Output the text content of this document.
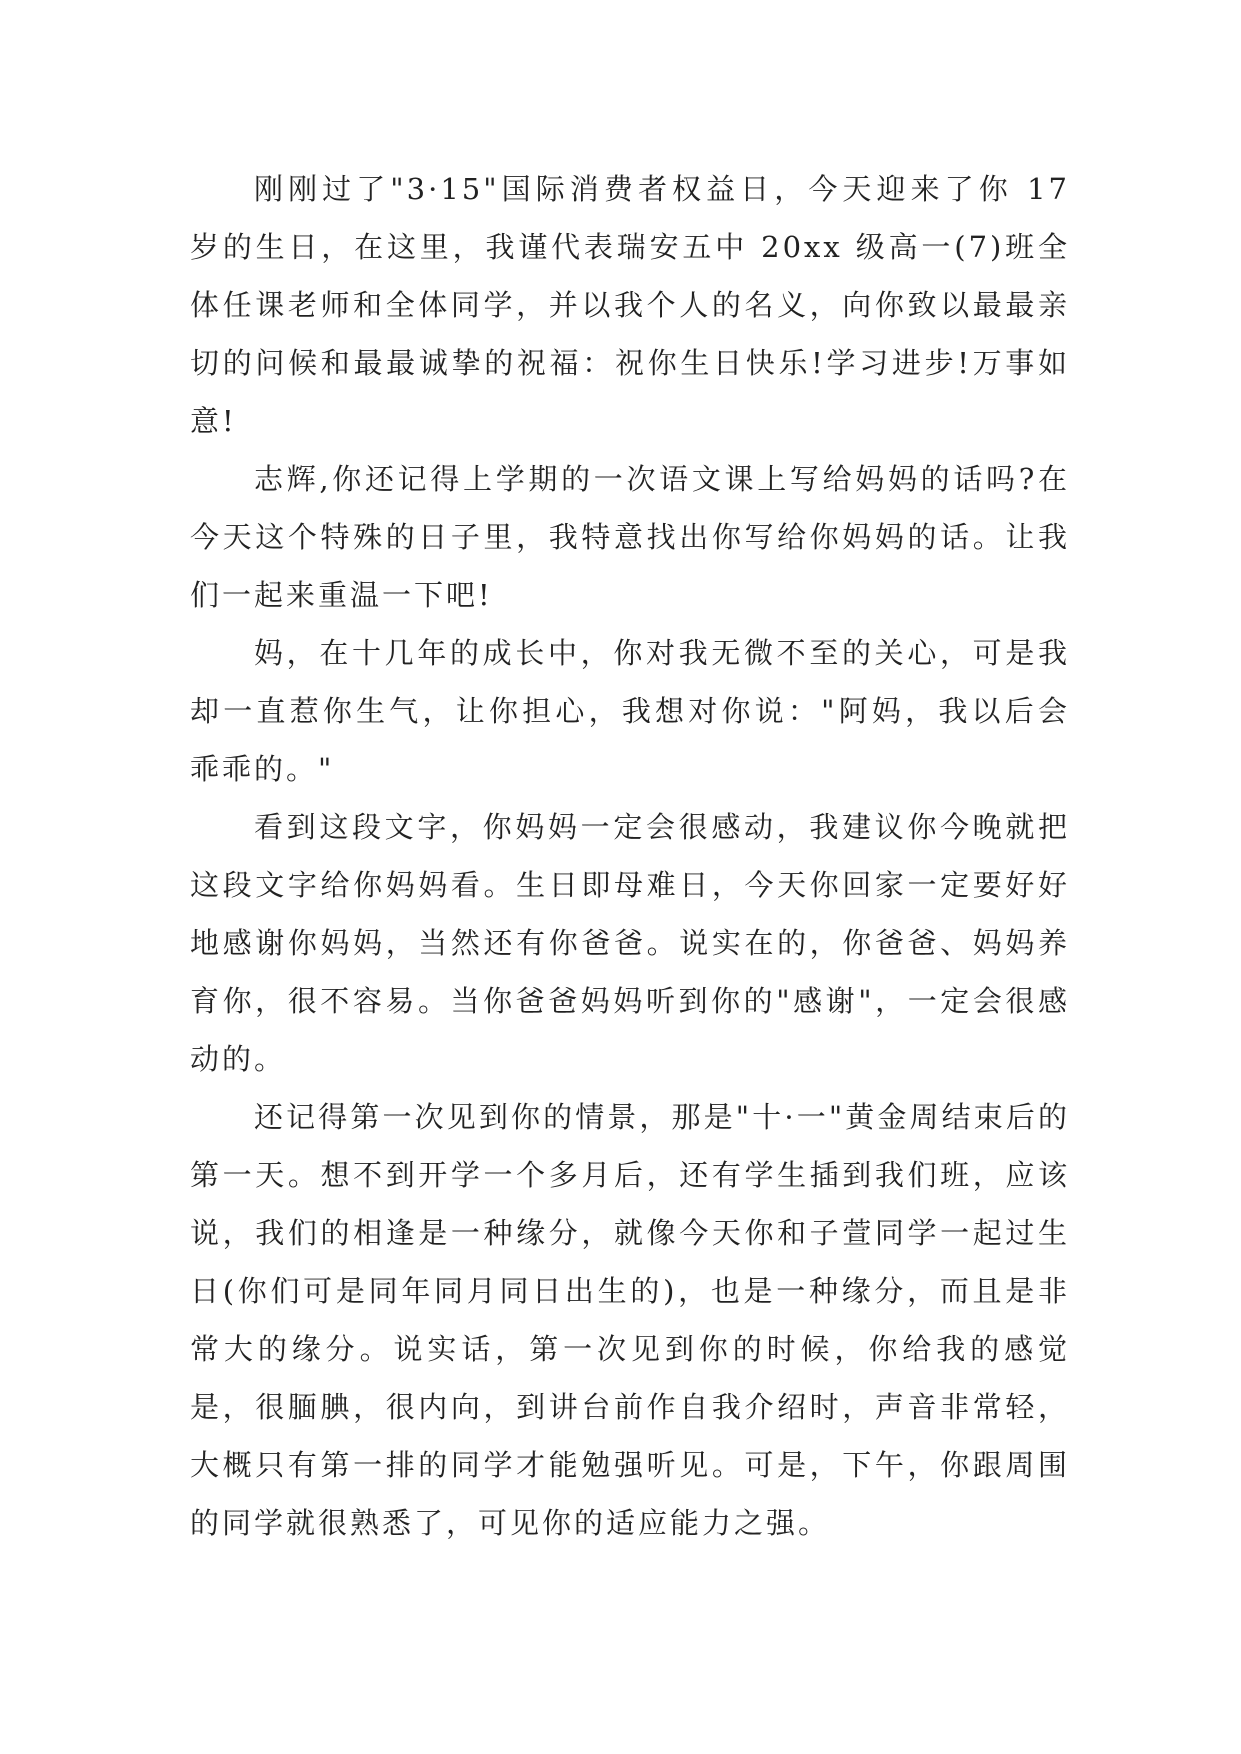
刚刚过了"3·15"国际消费者权益日，今天迎来了你 17 岁的生日，在这里，我谨代表瑞安五中 20xx 级高一(7)班全体任课老师和全体同学，并以我个人的名义，向你致以最最亲切的问候和最最诚挚的祝福：祝你生日快乐!学习进步!万事如意!

志辉,你还记得上学期的一次语文课上写给妈妈的话吗?在今天这个特殊的日子里，我特意找出你写给你妈妈的话。让我们一起来重温一下吧!

妈，在十几年的成长中，你对我无微不至的关心，可是我却一直惹你生气，让你担心，我想对你说："阿妈，我以后会乖乖的。"

看到这段文字，你妈妈一定会很感动，我建议你今晚就把这段文字给你妈妈看。生日即母难日，今天你回家一定要好好地感谢你妈妈，当然还有你爸爸。说实在的，你爸爸、妈妈养育你，很不容易。当你爸爸妈妈听到你的"感谢"，一定会很感动的。

还记得第一次见到你的情景，那是"十·一"黄金周结束后的第一天。想不到开学一个多月后，还有学生插到我们班，应该说，我们的相逢是一种缘分，就像今天你和子萱同学一起过生日(你们可是同年同月同日出生的)，也是一种缘分，而且是非常大的缘分。说实话，第一次见到你的时候，你给我的感觉是，很腼腆，很内向，到讲台前作自我介绍时，声音非常轻，大概只有第一排的同学才能勉强听见。可是，下午，你跟周围的同学就很熟悉了，可见你的适应能力之强。
